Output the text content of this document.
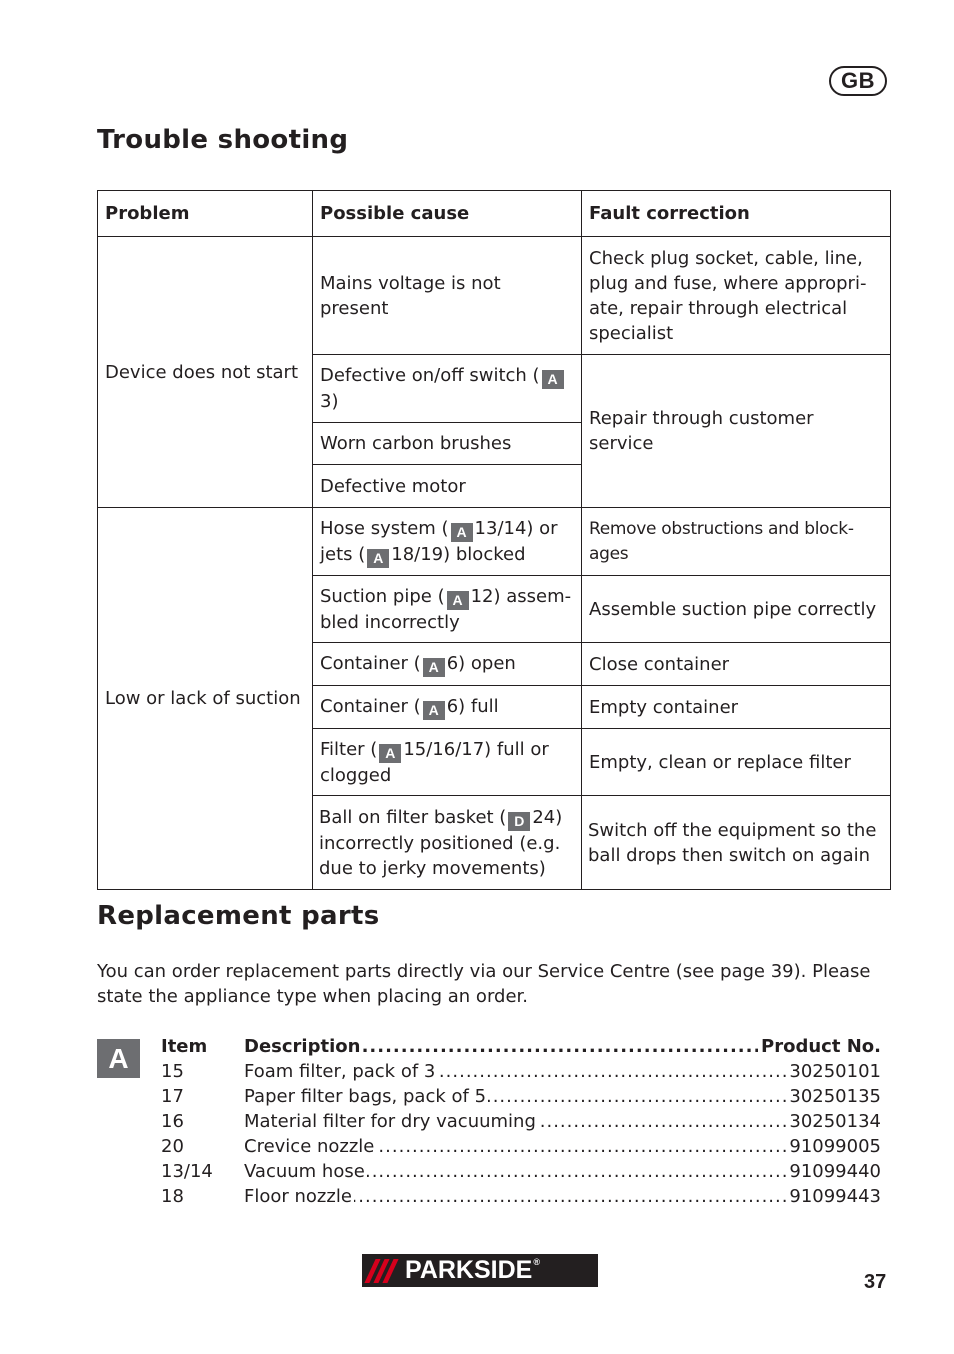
GB
Trouble shooting
Problem	Possible cause	Fault correction
Device does not start	Mains voltage is not present	Check plug socket, cable, line, plug and fuse, where appropri-ate, repair through electrical specialist
	Defective on/off switch ( A3)	Repair through customer service
	Worn carbon brushes	
	Defective motor	
Low or lack of suction	Hose system ( A 13/14) or jets ( A 18/19) blocked	Remove obstructions and block-ages
	Suction pipe ( A 12) assem-bled incorrectly	Assemble suction pipe correctly
	Container ( A 6) open	Close container
	Container ( A 6) full	Empty container
	Filter ( A 15/16/17) full or clogged	Empty, clean or replace filter
	Ball on filter basket ( D 24) incorrectly positioned (e.g. due to jerky movements)	Switch off the equipment so the ball drops then switch on again
Replacement parts
You can order replacement parts directly via our Service Centre (see page 39). Please state the appliance type when placing an order.
A	Item	Description .....	Product No.
15	Foam filter, pack of 3 .....	30250101
17	Paper filter bags, pack of 5 .....	30250135
16	Material filter for dry vacuuming .....	30250134
20	Crevice nozzle .....	91099005
13/14	Vacuum hose .....	91099440
18	Floor nozzle .....	91099443
PARKSIDE ®
37
